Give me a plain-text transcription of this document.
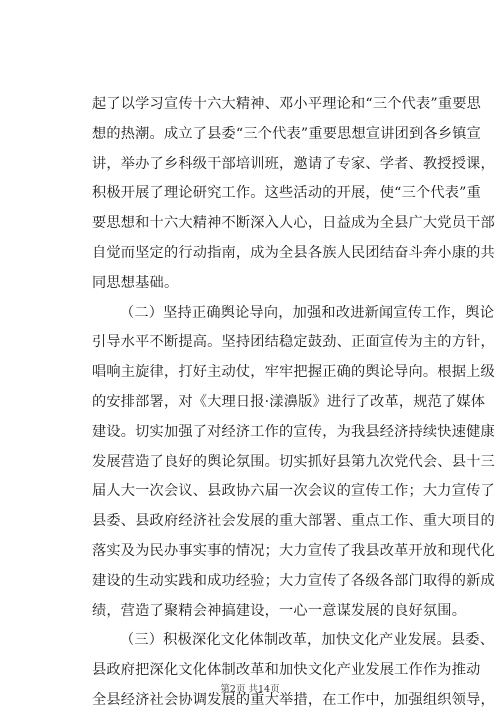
起了以学习宣传十六大精神、邓小平理论和“三个代表”重要思
想的热潮。成立了县委“三个代表”重要思想宣讲团到各乡镇宣
讲，举办了乡科级干部培训班，邀请了专家、学者、教授授课，
积极开展了理论研究工作。这些活动的开展，使“三个代表”重
要思想和十六大精神不断深入人心，日益成为全县广大党员干部
自觉而坚定的行动指南，成为全县各族人民团结奋斗奔小康的共
同思想基础。
（二）坚持正确舆论导向，加强和改进新闻宣传工作，舆论
引导水平不断提高。坚持团结稳定鼓劲、正面宣传为主的方针，
唱响主旋律，打好主动仗，牢牢把握正确的舆论导向。根据上级
的安排部署，对《大理日报·漾濞版》进行了改革，规范了媒体
建设。切实加强了对经济工作的宣传，为我县经济持续快速健康
发展营造了良好的舆论氛围。切实抓好县第九次党代会、县十三
届人大一次会议、县政协六届一次会议的宣传工作；大力宣传了
县委、县政府经济社会发展的重大部署、重点工作、重大项目的
落实及为民办事实事的情况；大力宣传了我县改革开放和现代化
建设的生动实践和成功经验；大力宣传了各级各部门取得的新成
绩，营造了聚精会神搞建设，一心一意谋发展的良好氛围。
（三）积极深化文化体制改革，加快文化产业发展。县委、
县政府把深化文化体制改革和加快文化产业发展工作作为推动
全县经济社会协调发展的重大举措，在工作中，加强组织领导，
第2页 共14页
